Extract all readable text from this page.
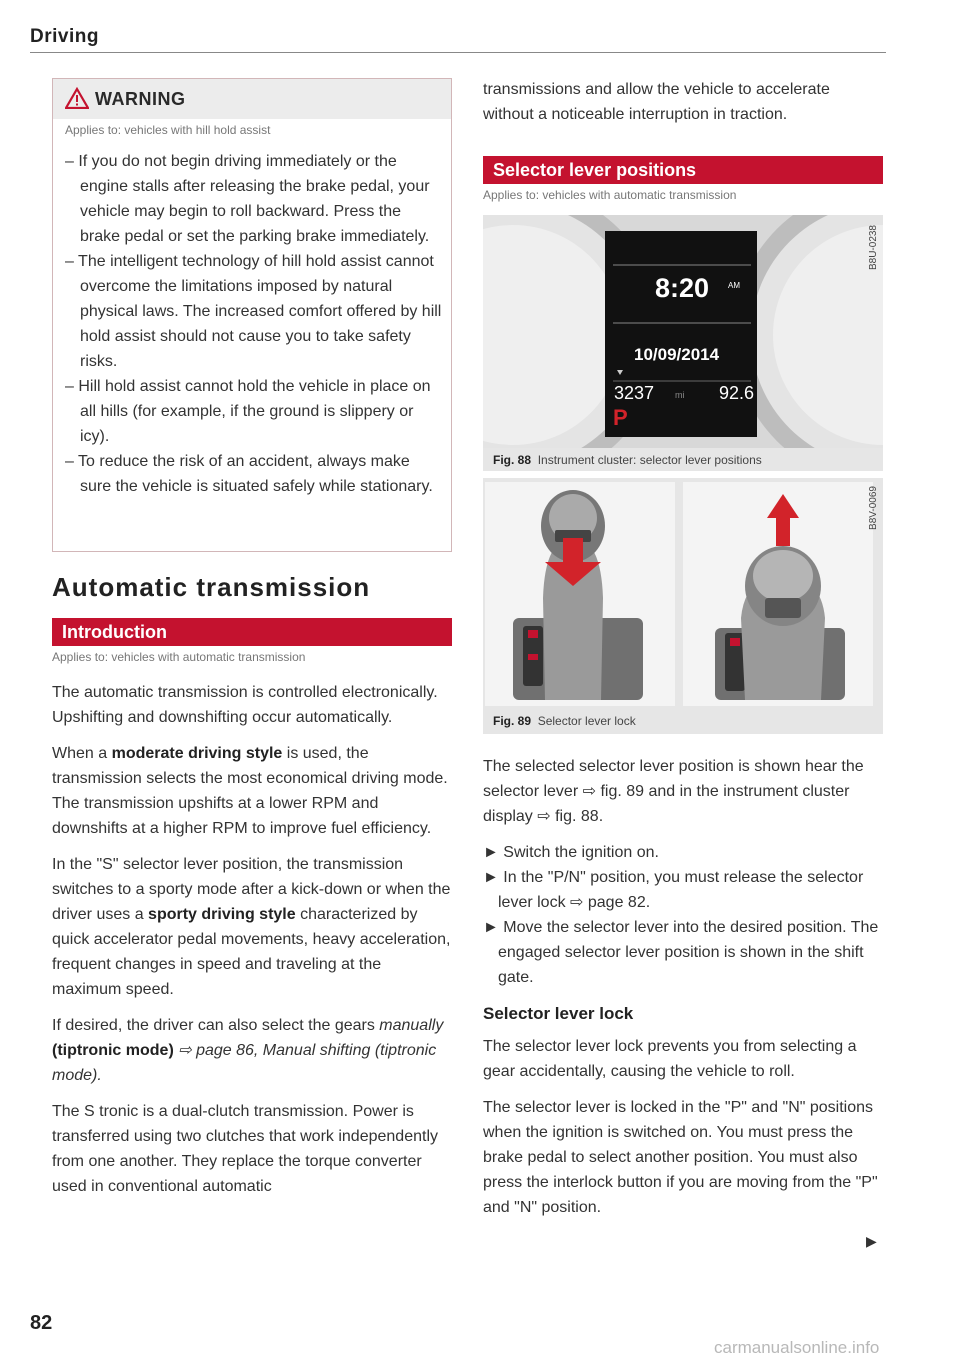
Driving
WARNING
Applies to: vehicles with hill hold assist
– If you do not begin driving immediately or the engine stalls after releasing the brake pedal, your vehicle may begin to roll backward. Press the brake pedal or set the parking brake immediately.
– The intelligent technology of hill hold assist cannot overcome the limitations imposed by natural physical laws. The increased comfort offered by hill hold assist should not cause you to take safety risks.
– Hill hold assist cannot hold the vehicle in place on all hills (for example, if the ground is slippery or icy).
– To reduce the risk of an accident, always make sure the vehicle is situated safely while stationary.
Automatic transmission
Introduction
Applies to: vehicles with automatic transmission

The automatic transmission is controlled electronically. Upshifting and downshifting occur automatically.

When a moderate driving style is used, the transmission selects the most economical driving mode. The transmission upshifts at a lower RPM and downshifts at a higher RPM to improve fuel efficiency.

In the "S" selector lever position, the transmission switches to a sporty mode after a kick-down or when the driver uses a sporty driving style characterized by quick accelerator pedal movements, heavy acceleration, frequent changes in speed and traveling at the maximum speed.

If desired, the driver can also select the gears manually (tiptronic mode) ⇨ page 86, Manual shifting (tiptronic mode).

The S tronic is a dual-clutch transmission. Power is transferred using two clutches that work independently from one another. They replace the torque converter used in conventional automatic

transmissions and allow the vehicle to accelerate without a noticeable interruption in traction.

Selector lever positions
Applies to: vehicles with automatic transmission
8:20 AM
10/09/2014
3237 mi 92.6
P
B8U-0238
Fig. 88 Instrument cluster: selector lever positions
B8V-0069
Fig. 89 Selector lever lock

The selected selector lever position is shown hear the selector lever ⇨ fig. 89 and in the instrument cluster display ⇨ fig. 88.

► Switch the ignition on.
► In the "P/N" position, you must release the selector lever lock ⇨ page 82.
► Move the selector lever into the desired position. The engaged selector lever position is shown in the shift gate.
Selector lever lock

The selector lever lock prevents you from selecting a gear accidentally, causing the vehicle to roll.

The selector lever is locked in the "P" and "N" positions when the ignition is switched on. You must press the brake pedal to select another position. You must also press the interlock button if you are moving from the "P" and "N" position.

▶
82
carmanualsonline.info
